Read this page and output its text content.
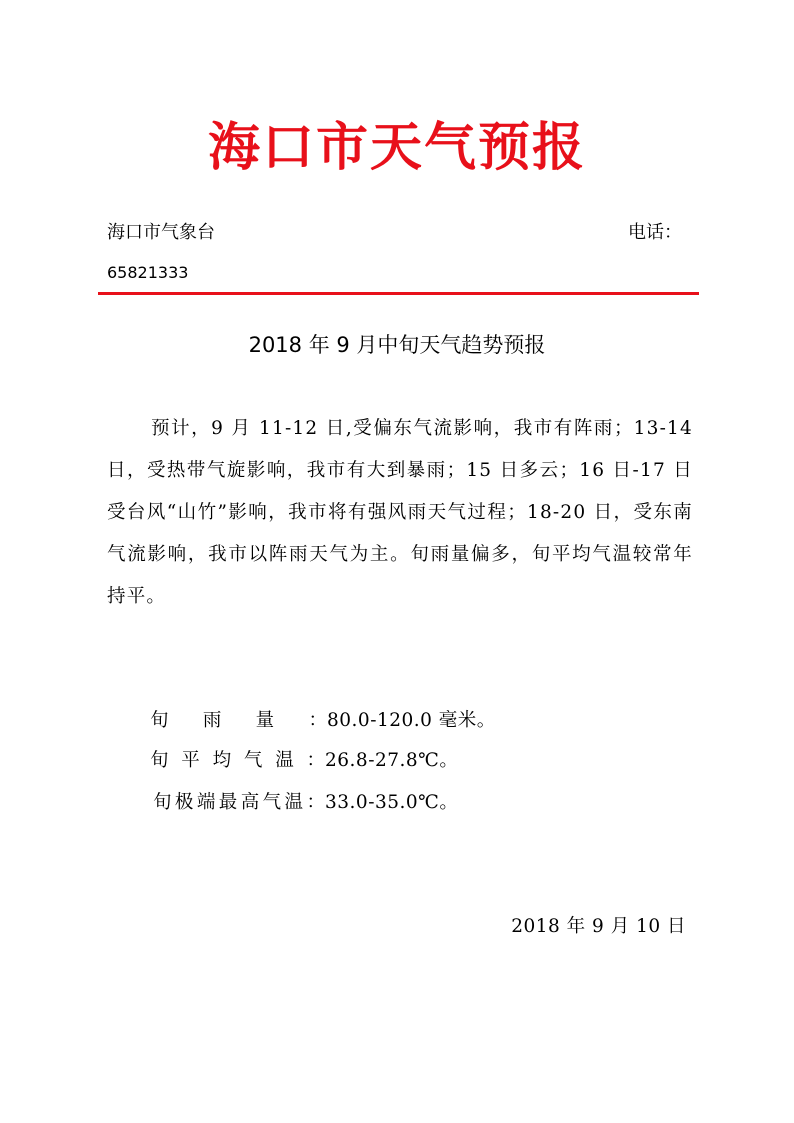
海口市天气预报
海口市气象台	电话：
65821333
2018 年 9 月中旬天气趋势预报
预计，9 月 11-12 日,受偏东气流影响，我市有阵雨；13-14 日，受热带气旋影响，我市有大到暴雨；15 日多云；16 日-17 日受台风“山竹”影响，我市将有强风雨天气过程；18-20 日，受东南气流影响，我市以阵雨天气为主。旬雨量偏多，旬平均气温较常年持平。
旬雨量：80.0-120.0 毫米。
旬平均气温：26.8-27.8℃。
旬极端最高气温：33.0-35.0℃。
2018 年 9 月 10 日
